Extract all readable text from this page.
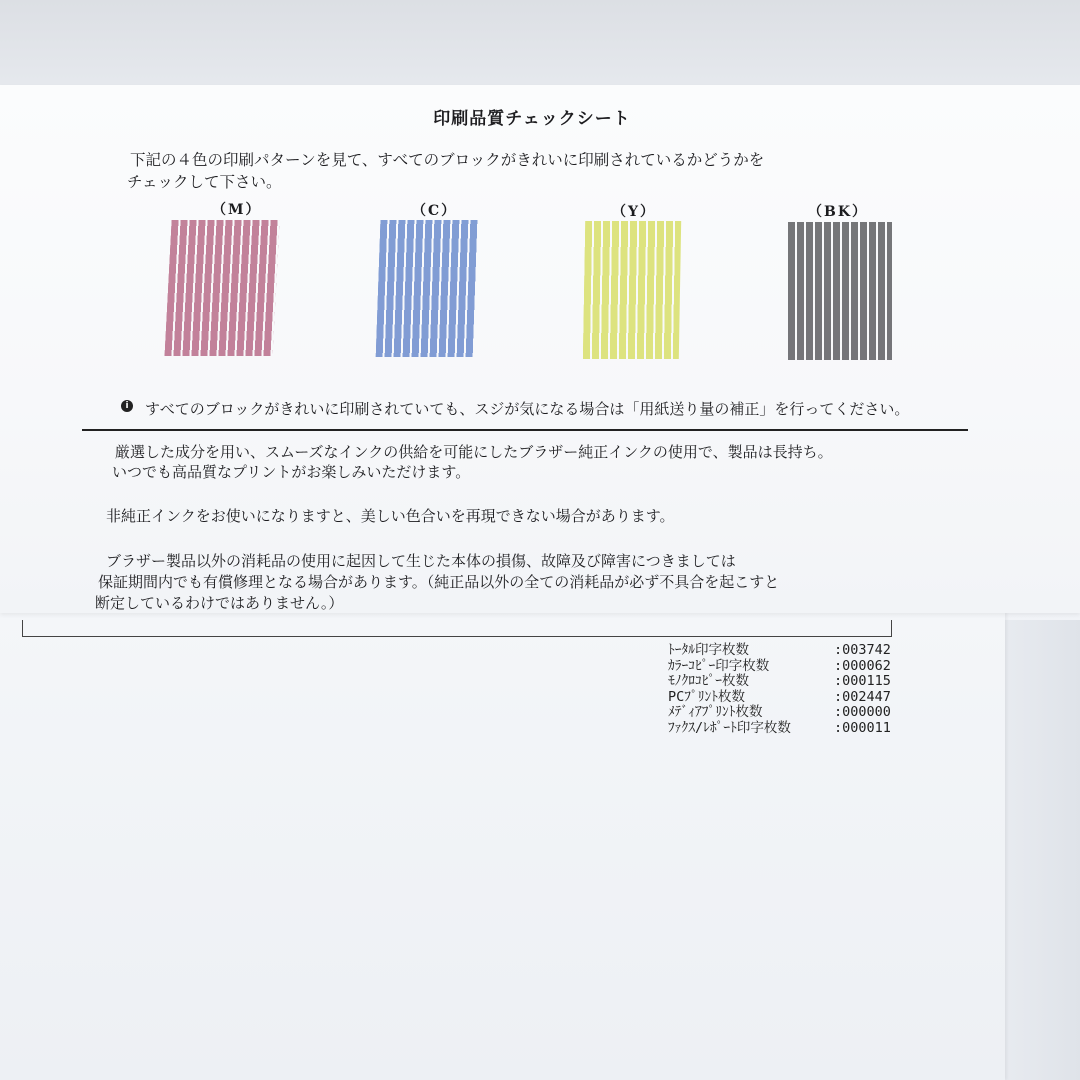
印刷品質チェックシート
下記の４色の印刷パターンを見て、すべてのブロックがきれいに印刷されているかどうかを
チェックして下さい。
（M）	（C）	（Y）	（BK）
i すべてのブロックがきれいに印刷されていても、スジが気になる場合は「用紙送り量の補正」を行ってください。
厳選した成分を用い、スムーズなインクの供給を可能にしたブラザー純正インクの使用で、製品は長持ち。
いつでも高品質なプリントがお楽しみいただけます。
非純正インクをお使いになりますと、美しい色合いを再現できない場合があります。
ブラザー製品以外の消耗品の使用に起因して生じた本体の損傷、故障及び障害につきましては
保証期間内でも有償修理となる場合があります。（純正品以外の全ての消耗品が必ず不具合を起こすと
断定しているわけではありません。）
ﾄｰﾀﾙ印字枚数	:003742
ｶﾗｰｺﾋﾟｰ印字枚数	:000062
ﾓﾉｸﾛｺﾋﾟｰ枚数	:000115
PCﾌﾟﾘﾝﾄ枚数	:002447
ﾒﾃﾞｨｱﾌﾟﾘﾝﾄ枚数	:000000
ﾌｧｸｽ/ﾚﾎﾟｰﾄ印字枚数	:000011
